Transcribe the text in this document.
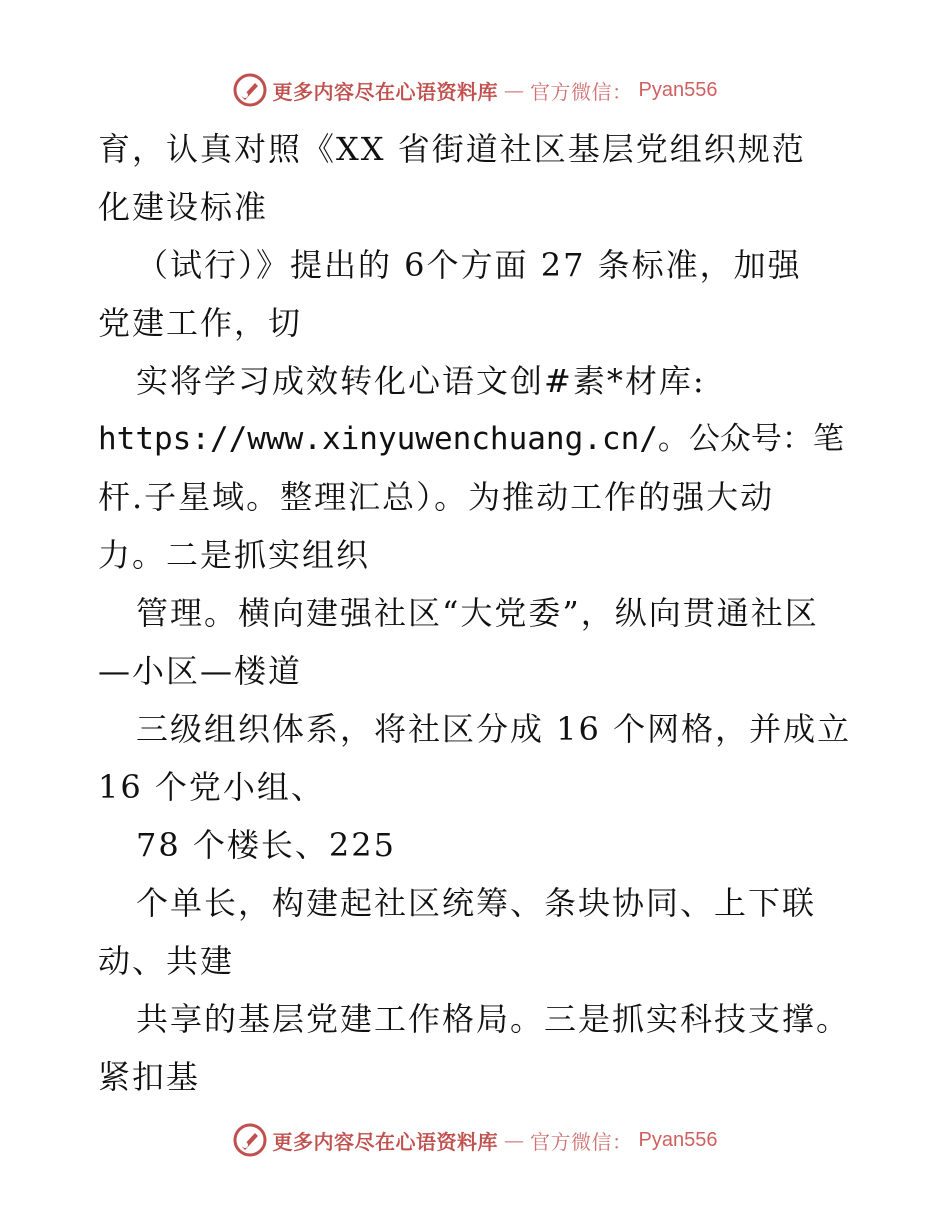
更多内容尽在心语资料库 — 官方微信： Pyan556
育，认真对照《XX 省街道社区基层党组织规范
化建设标准
（试行）》提出的 6个方面 27 条标准，加强
党建工作，切
实将学习成效转化心语文创#素*材库:
https://www.xinyuwenchuang.cn/。公众号：笔
杆.子星域。整理汇总）。为推动工作的强大动
力。二是抓实组织
管理。横向建强社区“大党委”，纵向贯通社区
—小区—楼道
三级组织体系，将社区分成 16 个网格，并成立
16 个党小组、
78 个楼长、225
个单长，构建起社区统筹、条块协同、上下联
动、共建
共享的基层党建工作格局。三是抓实科技支撑。
紧扣基
更多内容尽在心语资料库 — 官方微信： Pyan556
